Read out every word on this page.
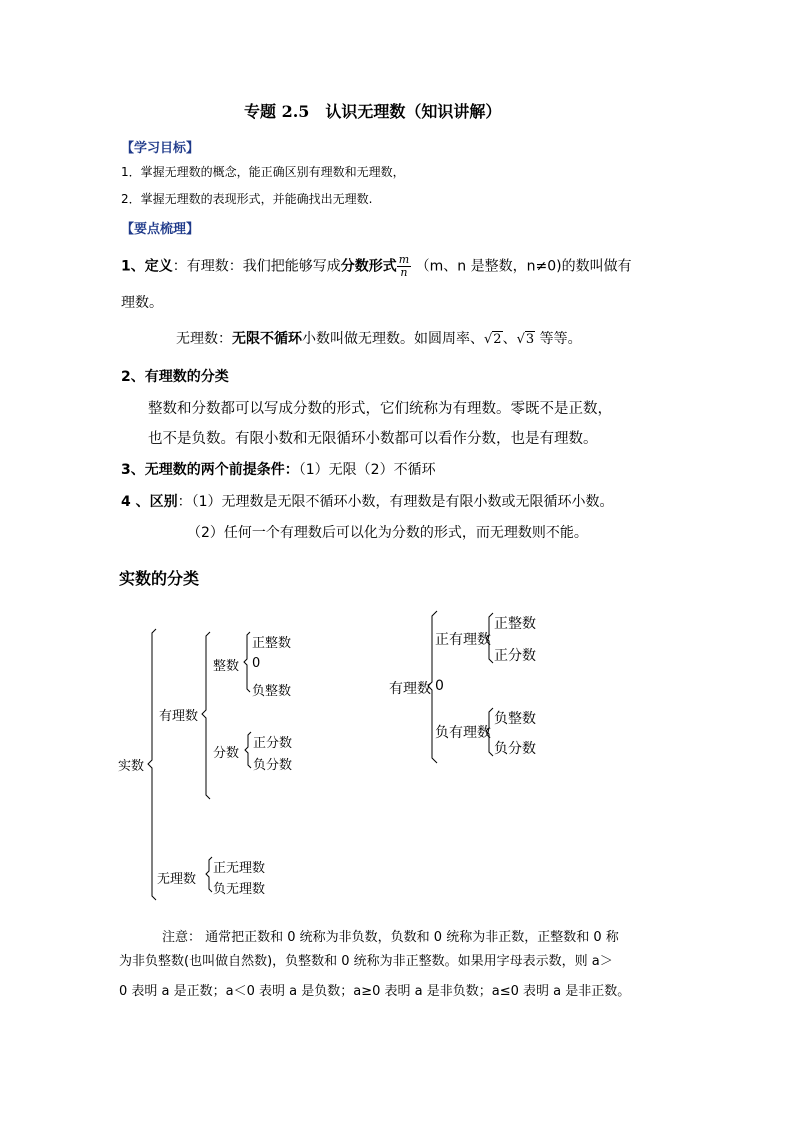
专题 2.5　认识无理数（知识讲解）
【学习目标】
1．掌握无理数的概念，能正确区别有理数和无理数，
2．掌握无理数的表现形式，并能确找出无理数.
【要点梳理】
1、定义：有理数：我们把能够写成分数形式 $\frac{m}{n} (m$、n 是整数，n≠0)的数叫做有
理数。
无理数：无限不循环小数叫做无理数。如圆周率、√2、√3 等等。
2、有理数的分类
整数和分数都可以写成分数的形式，它们统称为有理数。零既不是正数，
也不是负数。有限小数和无限循环小数都可以看作分数，也是有理数。
3、无理数的两个前提条件：（1）无限（2）不循环
4 、区别：（1）无理数是无限不循环小数，有理数是有限小数或无限循环小数。
（2）任何一个有理数后可以化为分数的形式，而无理数则不能。
实数的分类
实数
有理数
整数
正整数
0
负整数
分数
正分数
负分数
无理数
正无理数
负无理数
有理数 0
正有理数
正整数
正分数
负有理数
负整数
负分数
注意： 通常把正数和 0 统称为非负数，负数和 0 统称为非正数，正整数和 0 称
为非负整数(也叫做自然数)，负整数和 0 统称为非正整数。如果用字母表示数，则 a＞
0 表明 a 是正数；a＜0 表明 a 是负数；a≥0 表明 a 是非负数；a≤0 表明 a 是非正数。
